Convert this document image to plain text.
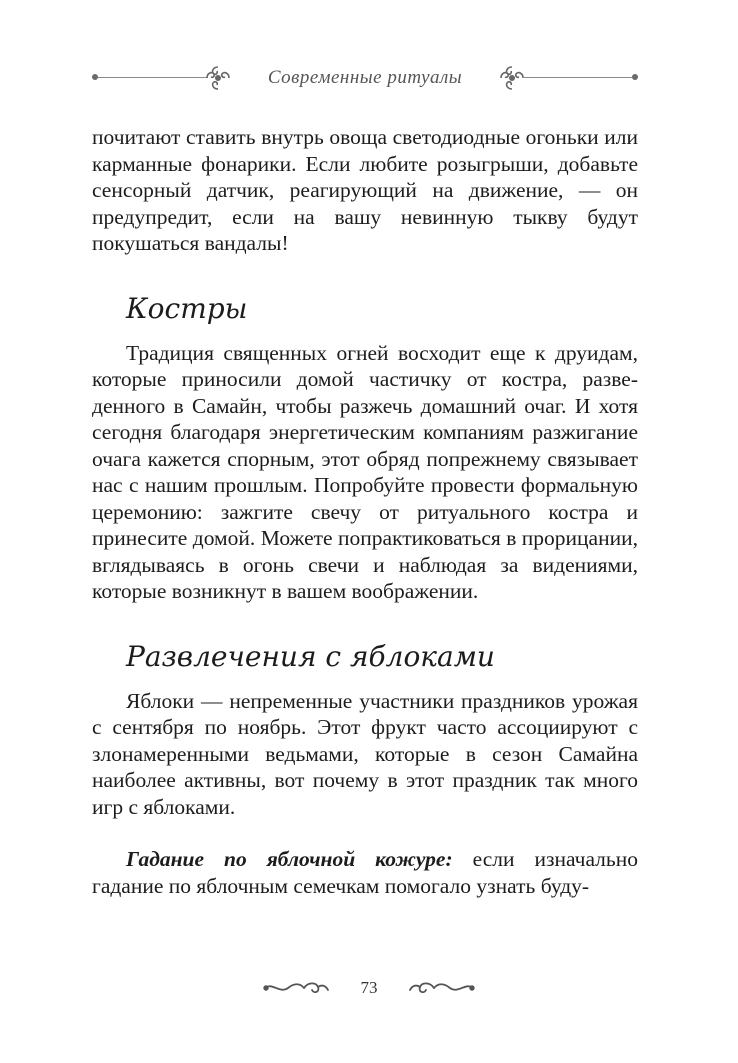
Современные ритуалы

почитают ставить внутрь овоща светодиодные огоньки или карманные фонарики. Если любите розыгрыши, добавьте сенсорный датчик, реагирующий на движение, — он предупредит, если на вашу невинную тыкву будут покушаться вандалы!

Костры

Традиция священных огней восходит еще к друидам, которые приносили домой частичку от костра, разведенного в Самайн, чтобы разжечь домашний очаг. И хотя сегодня благодаря энергетическим компаниям разжигание очага кажется спорным, этот обряд попрежнему связывает нас с нашим прошлым. Попробуйте провести формальную церемонию: зажгите свечу от ритуального костра и принесите домой. Можете попрактиковаться в прорицании, вглядываясь в огонь свечи и наблюдая за видениями, которые возникнут в вашем воображении.

Развлечения с яблоками

Яблоки — непременные участники праздников урожая с сентября по ноябрь. Этот фрукт часто ассоциируют с злонамеренными ведьмами, которые в сезон Самайна наиболее активны, вот почему в этот праздник так много игр с яблоками.

Гадание по яблочной кожуре: если изначально гадание по яблочным семечкам помогало узнать буду-

73
